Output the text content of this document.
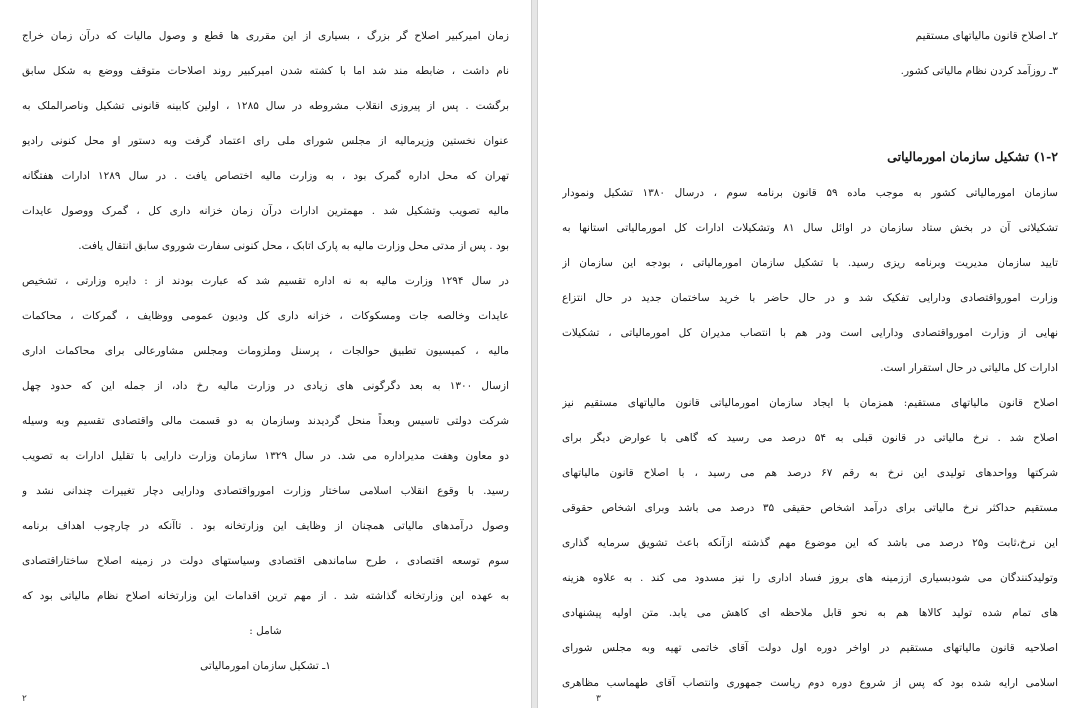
زمان امیرکبیر اصلاح گر بزرگ ، بسیاری از این مقرری ها قطع و وصول مالیات که درآن زمان خراج
نام داشت ، ضابطه مند شد اما با کشته شدن امیرکبیر روند اصلاحات متوقف ووضع به شکل سابق
برگشت . پس از پیروزی انقلاب مشروطه در سال ۱۲۸۵ ، اولین کابینه قانونی تشکیل وناصرالملک به
عنوان نخستین وزیرمالیه از مجلس شورای ملی رای اعتماد گرفت وبه دستور او محل کنونی رادیو
تهران که محل اداره گمرک بود ، به وزارت مالیه اختصاص یافت . در سال ۱۲۸۹ ادارات هفتگانه
مالیه تصویب وتشکیل شد . مهمترین ادارات درآن زمان خزانه داری کل ، گمرک ووصول عایدات
بود . پس از مدتی محل وزارت مالیه به پارک اتابک ، محل کنونی سفارت شوروی سابق انتقال یافت.
در سال ۱۲۹۴ وزارت مالیه به نه اداره تقسیم شد که عبارت بودند از : دایره وزارتی ، تشخیص
عایدات وخالصه جات ومسکوکات ، خزانه داری کل ودیون عمومی ووظایف ، گمرکات ، محاکمات
مالیه ، کمیسیون تطبیق حوالجات ، پرسنل وملزومات ومجلس مشاورعالی برای محاکمات اداری
ازسال ۱۳۰۰ به بعد دگرگونی های زیادی در وزارت مالیه رخ داد، از جمله این که حدود چهل
شرکت دولتی تاسیس وبعداً منحل گردیدند وسازمان به دو قسمت مالی واقتصادی تقسیم وبه وسیله
دو معاون وهفت مدیراداره می شد. در سال ۱۳۲۹ سازمان وزارت دارایی با تقلیل ادارات به تصویب
رسید. با وقوع انقلاب اسلامی ساختار وزارت امورواقتصادی ودارایی دچار تغییرات چندانی نشد و
وصول درآمدهای مالیاتی همچنان از وظایف این وزارتخانه بود . تاآنکه در چارچوب اهداف برنامه
سوم توسعه اقتصادی ، طرح ساماندهی اقتصادی وسیاستهای دولت در زمینه اصلاح ساختاراقتصادی
به عهده این وزارتخانه گذاشته شد . از مهم ترین اقدامات این وزارتخانه اصلاح نظام مالیاتی بود که
شامل :
۱ـ تشکیل سازمان امورمالیاتی
۲
۲ـ اصلاح قانون مالیاتهای مستقیم
۳ـ روزآمد کردن نظام مالیاتی کشور.
۱-۲) تشکیل سازمان امورمالیاتی
سازمان امورمالیاتی کشور به موجب ماده ۵۹ قانون برنامه سوم ، درسال ۱۳۸۰ تشکیل ونمودار
تشکیلاتی آن در بخش ستاد سازمان در اوائل سال ۸۱ وتشکیلات ادارات کل امورمالیاتی استانها به
تایید سازمان مدیریت وبرنامه ریزی رسید. با تشکیل سازمان امورمالیاتی ، بودجه این سازمان از
وزارت امورواقتصادی ودارایی تفکیک شد و در حال حاضر با خرید ساختمان جدید در حال انتزاع
نهایی از وزارت امورواقتصادی ودارایی است ودر هم با انتصاب مدیران کل امورمالیاتی ، تشکیلات
ادارات کل مالیاتی در حال استقرار است.
اصلاح قانون مالیاتهای مستقیم: همزمان با ایجاد سازمان امورمالیاتی قانون مالیاتهای مستقیم نیز
اصلاح شد . نرخ مالیاتی در قانون قبلی به ۵۴ درصد می رسید که گاهی با عوارض دیگر برای
شرکتها وواحدهای تولیدی این نرخ به رقم ۶۷ درصد هم می رسید ، با اصلاح قانون مالیاتهای
مستقیم حداکثر نرخ مالیاتی برای درآمد اشخاص حقیقی ۳۵ درصد می باشد وبرای اشخاص حقوقی
این نرخ،ثابت و۲۵ درصد می باشد که این موضوع مهم گذشته ازآنکه باعث تشویق سرمایه گذاری
وتولیدکنندگان می شودبسیاری اززمینه های بروز فساد اداری را نیز مسدود می کند . به علاوه هزینه
های تمام شده تولید کالاها هم به نحو قابل ملاحظه ای کاهش می یابد. متن اولیه پیشنهادی
اصلاحیه قانون مالیاتهای مستقیم در اواخر دوره اول دولت آقای خاتمی تهیه وبه مجلس شورای
اسلامی ارایه شده بود که پس از شروع دوره دوم ریاست جمهوری وانتصاب آقای طهماسب مظاهری
۳
